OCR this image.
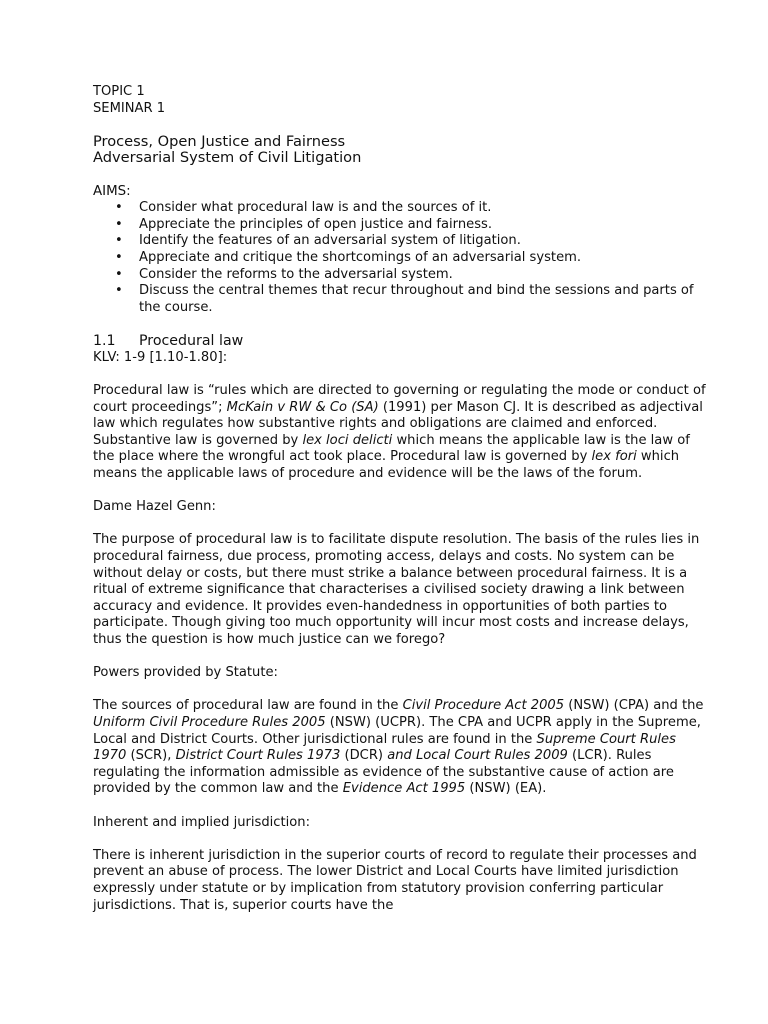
TOPIC 1

SEMINAR 1

Process, Open Justice and Fairness

Adversarial System of Civil Litigation

AIMS:

• Consider what procedural law is and the sources of it.
• Appreciate the principles of open justice and fairness.
• Identify the features of an adversarial system of litigation.
• Appreciate and critique the shortcomings of an adversarial system.
• Consider the reforms to the adversarial system.
• Discuss the central themes that recur throughout and bind the sessions and parts of the course.

1.1 Procedural law

KLV: 1-9 [1.10-1.80]:

Procedural law is “rules which are directed to governing or regulating the mode or conduct of court proceedings”; McKain v RW & Co (SA) (1991) per Mason CJ. It is described as adjectival law which regulates how substantive rights and obligations are claimed and enforced. Substantive law is governed by lex loci delicti which means the applicable law is the law of the place where the wrongful act took place. Procedural law is governed by lex fori which means the applicable laws of procedure and evidence will be the laws of the forum.

Dame Hazel Genn:

The purpose of procedural law is to facilitate dispute resolution. The basis of the rules lies in procedural fairness, due process, promoting access, delays and costs. No system can be without delay or costs, but there must strike a balance between procedural fairness. It is a ritual of extreme significance that characterises a civilised society drawing a link between accuracy and evidence. It provides even-handedness in opportunities of both parties to participate. Though giving too much opportunity will incur most costs and increase delays, thus the question is how much justice can we forego?

Powers provided by Statute:

The sources of procedural law are found in the Civil Procedure Act 2005 (NSW) (CPA) and the Uniform Civil Procedure Rules 2005 (NSW) (UCPR). The CPA and UCPR apply in the Supreme, Local and District Courts. Other jurisdictional rules are found in the Supreme Court Rules 1970 (SCR), District Court Rules 1973 (DCR) and Local Court Rules 2009 (LCR). Rules regulating the information admissible as evidence of the substantive cause of action are provided by the common law and the Evidence Act 1995 (NSW) (EA).

Inherent and implied jurisdiction:

There is inherent jurisdiction in the superior courts of record to regulate their processes and prevent an abuse of process. The lower District and Local Courts have limited jurisdiction expressly under statute or by implication from statutory provision conferring particular jurisdictions. That is, superior courts have the
